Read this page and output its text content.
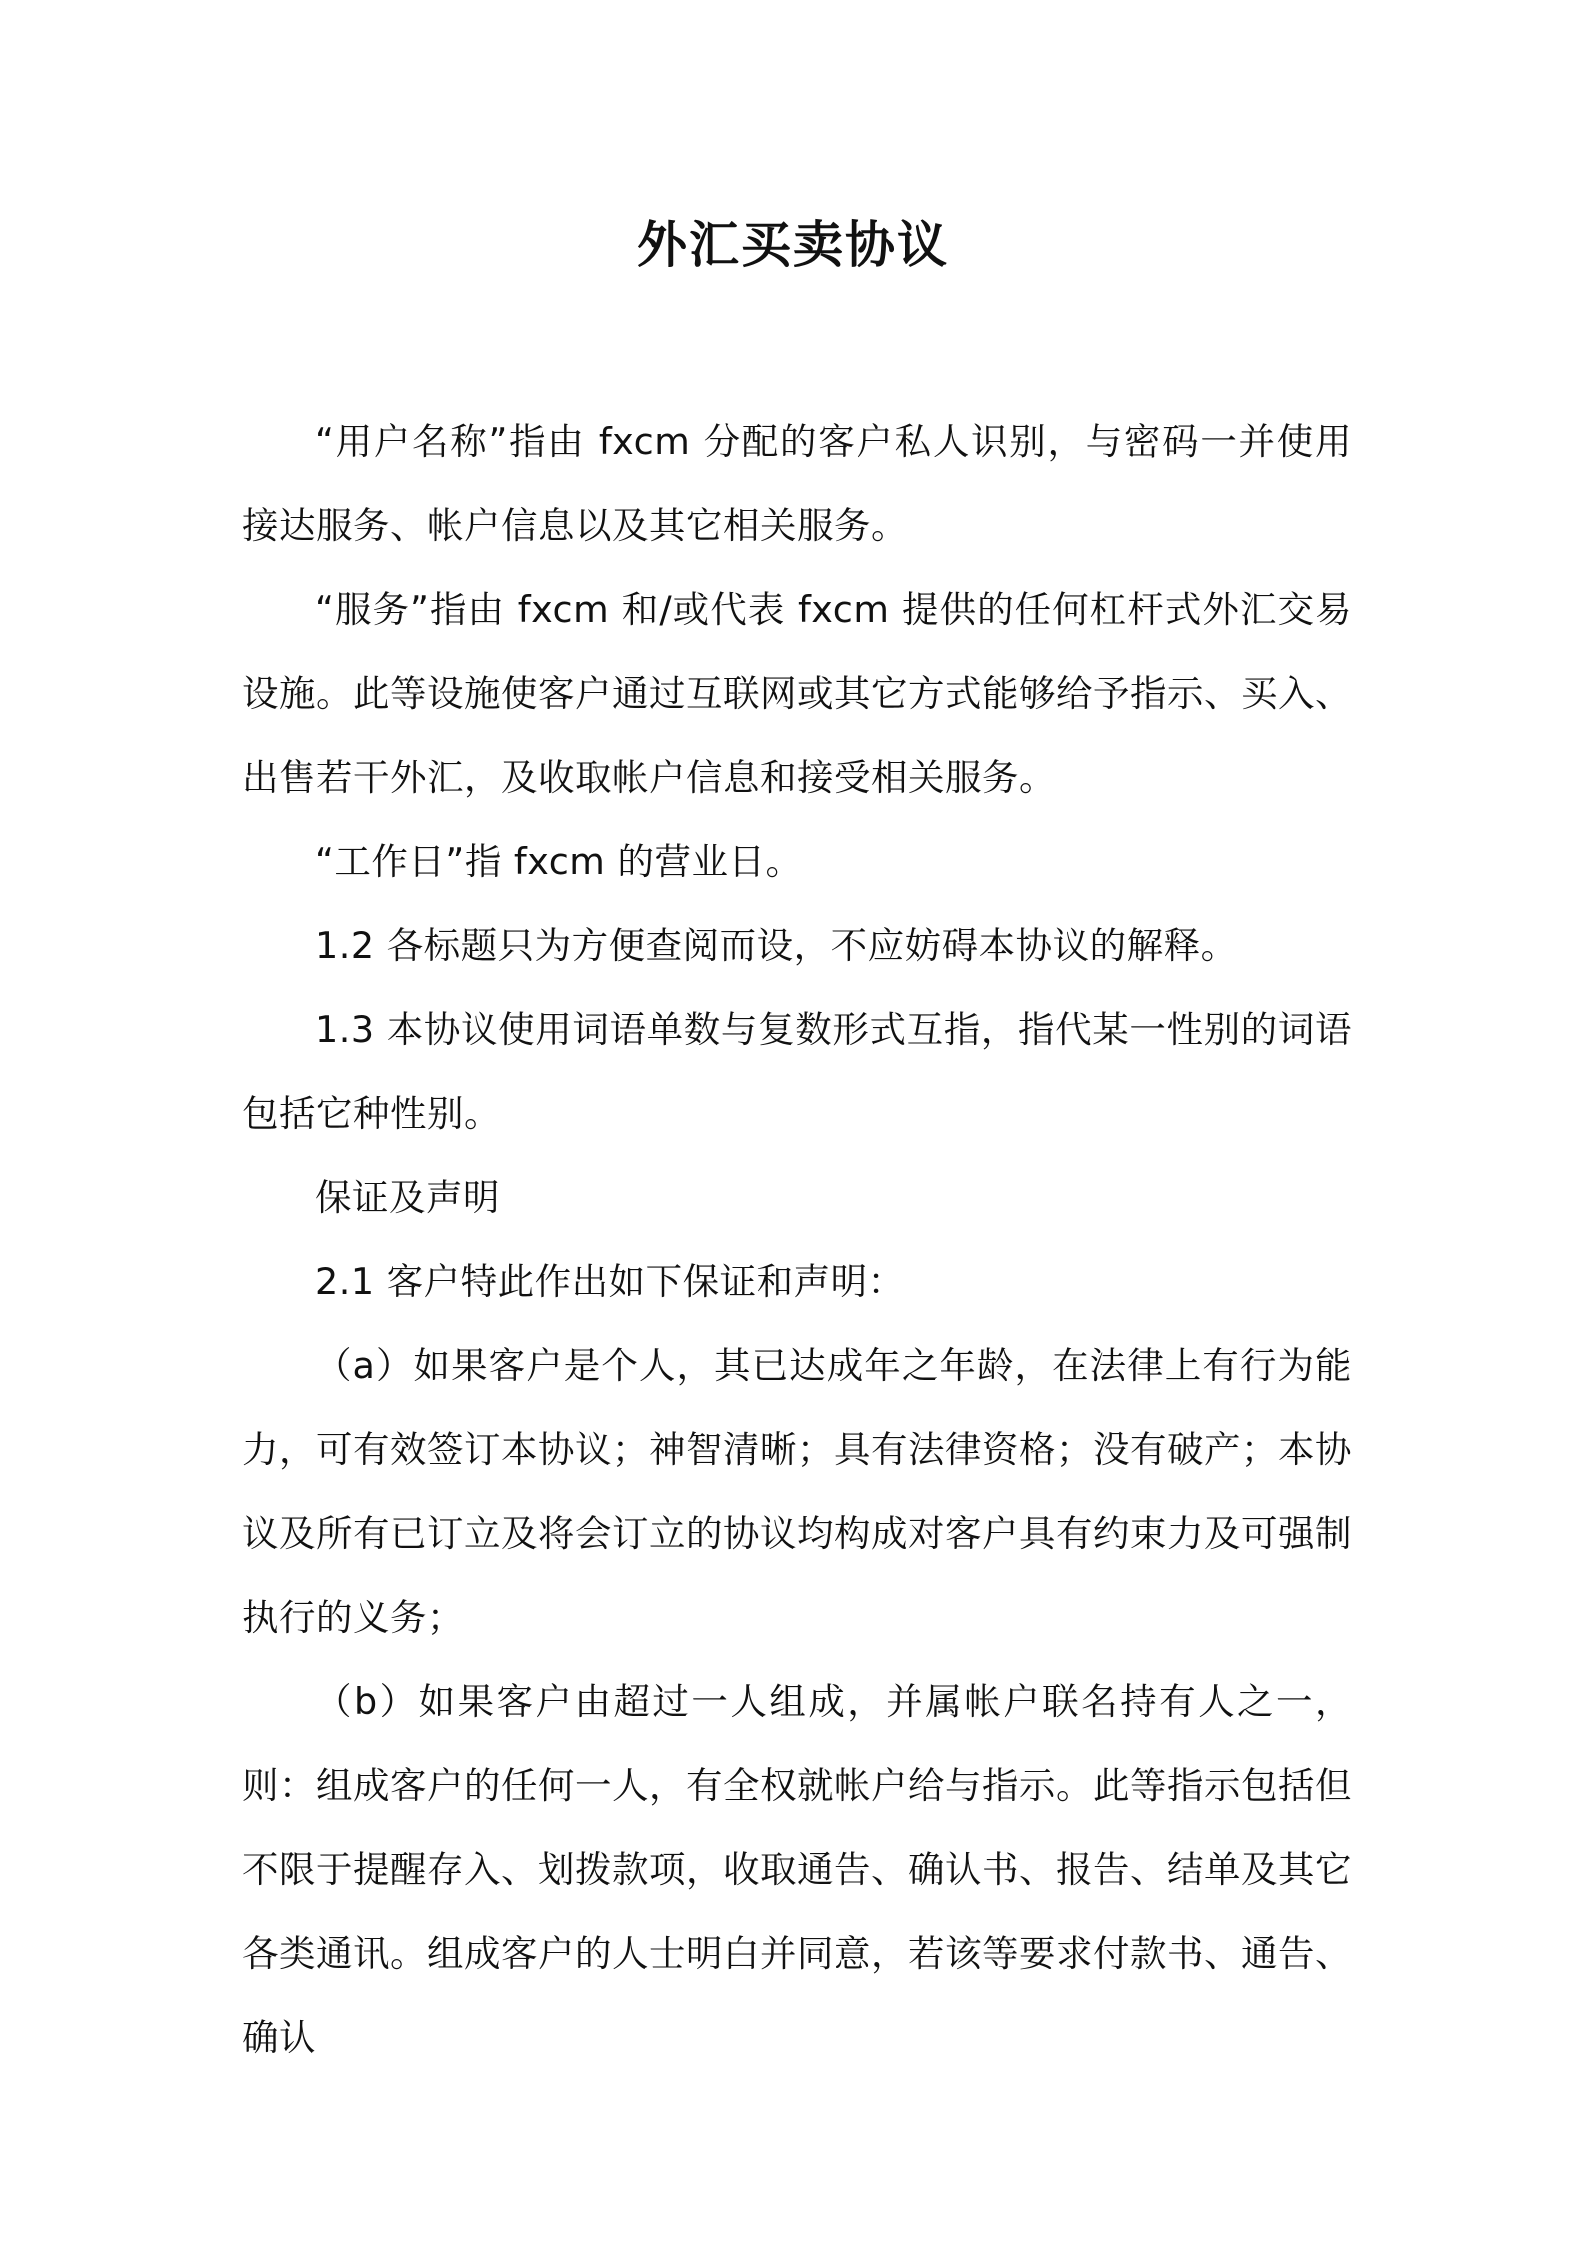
外汇买卖协议

“用户名称”指由 fxcm 分配的客户私人识别，与密码一并使用接达服务、帐户信息以及其它相关服务。

“服务”指由 fxcm 和/或代表 fxcm 提供的任何杠杆式外汇交易设施。此等设施使客户通过互联网或其它方式能够给予指示、买入、出售若干外汇，及收取帐户信息和接受相关服务。

“工作日”指 fxcm 的营业日。

1.2 各标题只为方便查阅而设，不应妨碍本协议的解释。

1.3 本协议使用词语单数与复数形式互指，指代某一性别的词语包括它种性别。

保证及声明

2.1 客户特此作出如下保证和声明：

（a）如果客户是个人，其已达成年之年龄，在法律上有行为能力，可有效签订本协议；神智清晰；具有法律资格；没有破产；本协议及所有已订立及将会订立的协议均构成对客户具有约束力及可强制执行的义务；

（b）如果客户由超过一人组成，并属帐户联名持有人之一，则：组成客户的任何一人，有全权就帐户给与指示。此等指示包括但不限于提醒存入、划拨款项，收取通告、确认书、报告、结单及其它各类通讯。组成客户的人士明白并同意，若该等要求付款书、通告、确认
